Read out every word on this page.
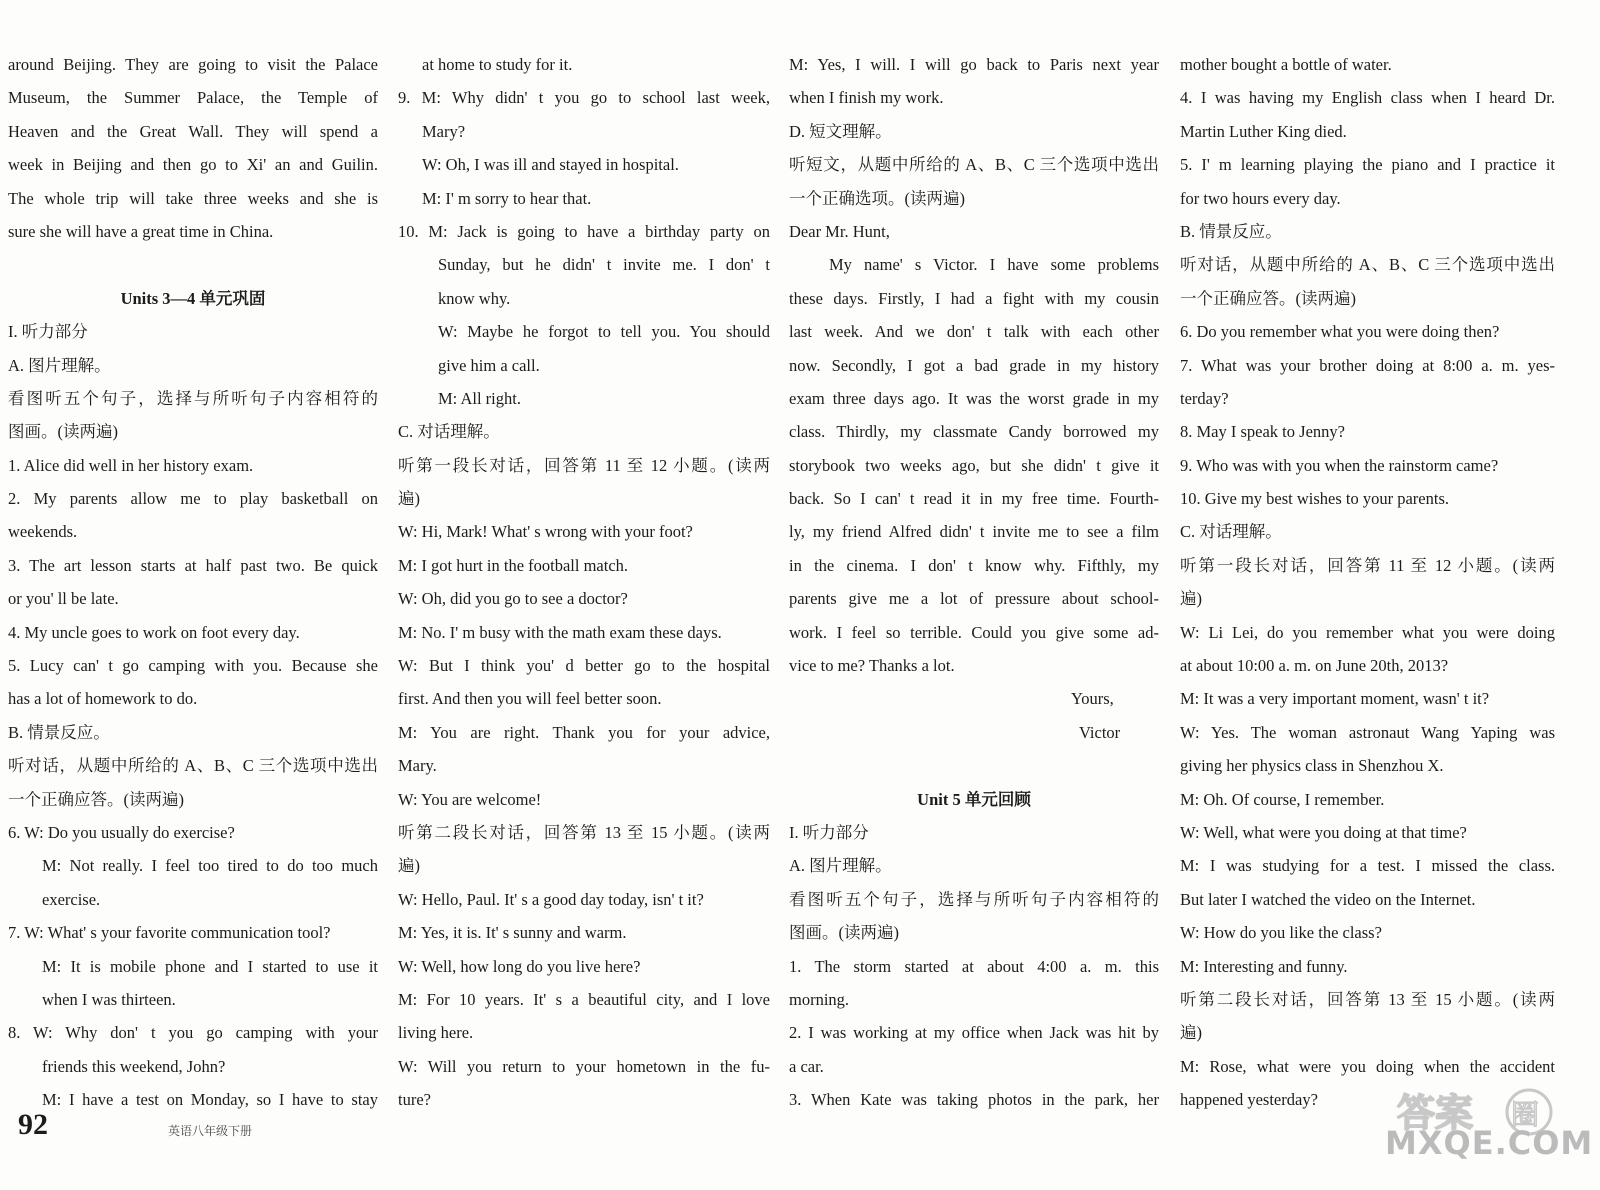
around Beijing. They are going to visit the Palace
Museum, the Summer Palace, the Temple of
Heaven and the Great Wall. They will spend a
week in Beijing and then go to Xi' an and Guilin.
The whole trip will take three weeks and she is
sure she will have a great time in China.
Units 3—4 单元巩固
I. 听力部分
A. 图片理解。
看图听五个句子，选择与所听句子内容相符的
图画。(读两遍)
1. Alice did well in her history exam.
2. My parents allow me to play basketball on
weekends.
3. The art lesson starts at half past two. Be quick
or you' ll be late.
4. My uncle goes to work on foot every day.
5. Lucy can' t go camping with you. Because she
has a lot of homework to do.
B. 情景反应。
听对话，从题中所给的 A、B、C 三个选项中选出
一个正确应答。(读两遍)
6. W: Do you usually do exercise?
M: Not really. I feel too tired to do too much
exercise.
7. W: What' s your favorite communication tool?
M: It is mobile phone and I started to use it
when I was thirteen.
8. W: Why don' t you go camping with your
friends this weekend, John?
M: I have a test on Monday, so I have to stay
at home to study for it.
9. M: Why didn' t you go to school last week,
Mary?
W: Oh, I was ill and stayed in hospital.
M: I' m sorry to hear that.
10. M: Jack is going to have a birthday party on
Sunday, but he didn' t invite me. I don' t
know why.
W: Maybe he forgot to tell you. You should
give him a call.
M: All right.
C. 对话理解。
听第一段长对话，回答第 11 至 12 小题。(读两
遍)
W: Hi, Mark! What' s wrong with your foot?
M: I got hurt in the football match.
W: Oh, did you go to see a doctor?
M: No. I' m busy with the math exam these days.
W: But I think you' d better go to the hospital
first. And then you will feel better soon.
M: You are right. Thank you for your advice,
Mary.
W: You are welcome!
听第二段长对话，回答第 13 至 15 小题。(读两
遍)
W: Hello, Paul. It' s a good day today, isn' t it?
M: Yes, it is. It' s sunny and warm.
W: Well, how long do you live here?
M: For 10 years. It' s a beautiful city, and I love
living here.
W: Will you return to your hometown in the fu-
ture?
M: Yes, I will. I will go back to Paris next year
when I finish my work.
D. 短文理解。
听短文，从题中所给的 A、B、C 三个选项中选出
一个正确选项。(读两遍)
Dear Mr. Hunt,
My name' s Victor. I have some problems
these days. Firstly, I had a fight with my cousin
last week. And we don' t talk with each other
now. Secondly, I got a bad grade in my history
exam three days ago. It was the worst grade in my
class. Thirdly, my classmate Candy borrowed my
storybook two weeks ago, but she didn' t give it
back. So I can' t read it in my free time. Fourth-
ly, my friend Alfred didn' t invite me to see a film
in the cinema. I don' t know why. Fifthly, my
parents give me a lot of pressure about school-
work. I feel so terrible. Could you give some ad-
vice to me? Thanks a lot.
Yours,
Victor
Unit 5 单元回顾
I. 听力部分
A. 图片理解。
看图听五个句子，选择与所听句子内容相符的
图画。(读两遍)
1. The storm started at about 4:00 a. m. this
morning.
2. I was working at my office when Jack was hit by
a car.
3. When Kate was taking photos in the park, her
mother bought a bottle of water.
4. I was having my English class when I heard Dr.
Martin Luther King died.
5. I' m learning playing the piano and I practice it
for two hours every day.
B. 情景反应。
听对话，从题中所给的 A、B、C 三个选项中选出
一个正确应答。(读两遍)
6. Do you remember what you were doing then?
7. What was your brother doing at 8:00 a. m. yes-
terday?
8. May I speak to Jenny?
9. Who was with you when the rainstorm came?
10. Give my best wishes to your parents.
C. 对话理解。
听第一段长对话，回答第 11 至 12 小题。(读两
遍)
W: Li Lei, do you remember what you were doing
at about 10:00 a. m. on June 20th, 2013?
M: It was a very important moment, wasn' t it?
W: Yes. The woman astronaut Wang Yaping was
giving her physics class in Shenzhou X.
M: Oh. Of course, I remember.
W: Well, what were you doing at that time?
M: I was studying for a test. I missed the class.
But later I watched the video on the Internet.
W: How do you like the class?
M: Interesting and funny.
听第二段长对话，回答第 13 至 15 小题。(读两
遍)
M: Rose, what were you doing when the accident
happened yesterday?
92	英语八年级下册	答案 圈
MXQE.COM
